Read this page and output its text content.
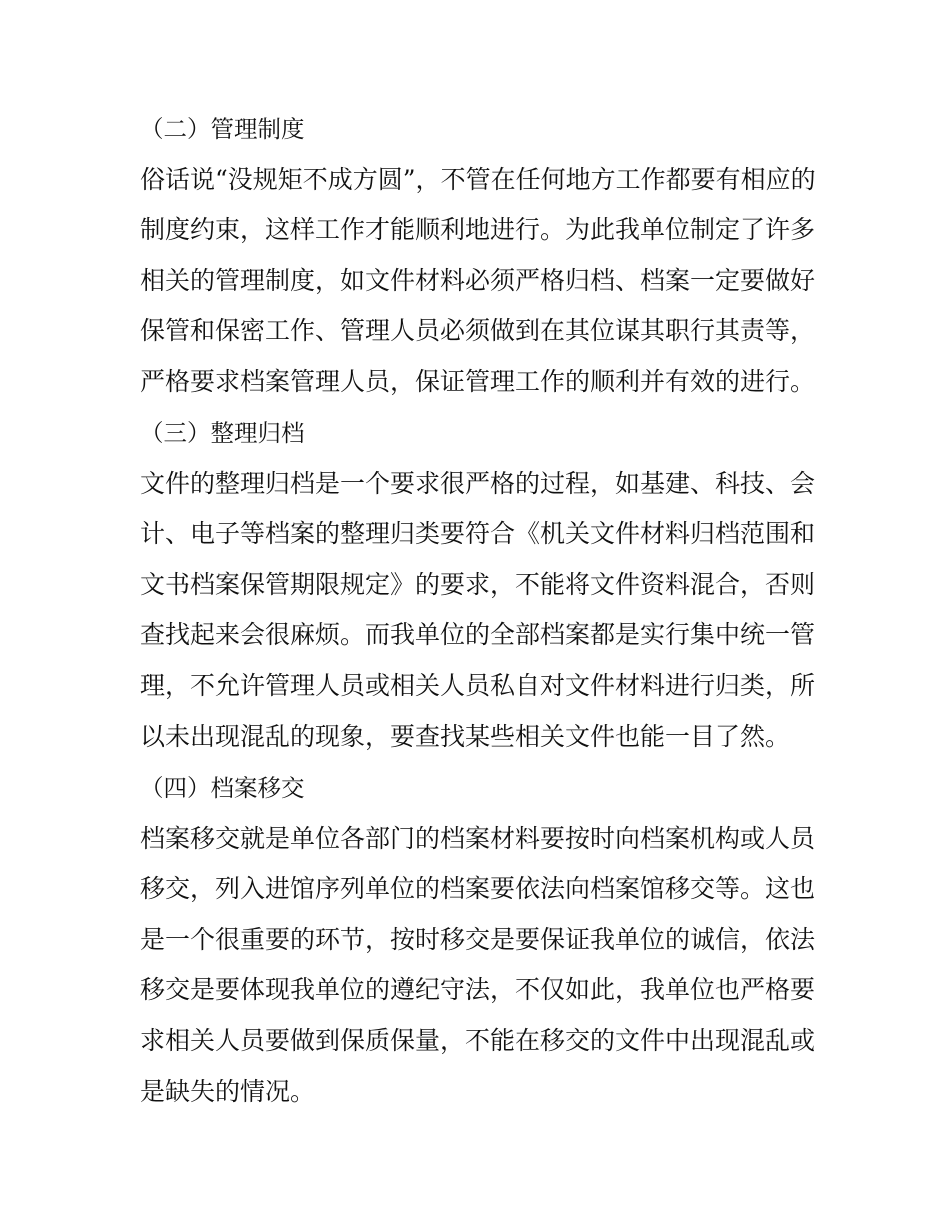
（二）管理制度

俗话说“没规矩不成方圆”，不管在任何地方工作都要有相应的

制度约束，这样工作才能顺利地进行。为此我单位制定了许多

相关的管理制度，如文件材料必须严格归档、档案一定要做好

保管和保密工作、管理人员必须做到在其位谋其职行其责等，

严格要求档案管理人员，保证管理工作的顺利并有效的进行。

（三）整理归档

文件的整理归档是一个要求很严格的过程，如基建、科技、会

计、电子等档案的整理归类要符合《机关文件材料归档范围和

文书档案保管期限规定》的要求，不能将文件资料混合，否则

查找起来会很麻烦。而我单位的全部档案都是实行集中统一管

理，不允许管理人员或相关人员私自对文件材料进行归类，所

以未出现混乱的现象，要查找某些相关文件也能一目了然。

（四）档案移交

档案移交就是单位各部门的档案材料要按时向档案机构或人员

移交，列入进馆序列单位的档案要依法向档案馆移交等。这也

是一个很重要的环节，按时移交是要保证我单位的诚信，依法

移交是要体现我单位的遵纪守法，不仅如此，我单位也严格要

求相关人员要做到保质保量，不能在移交的文件中出现混乱或

是缺失的情况。
